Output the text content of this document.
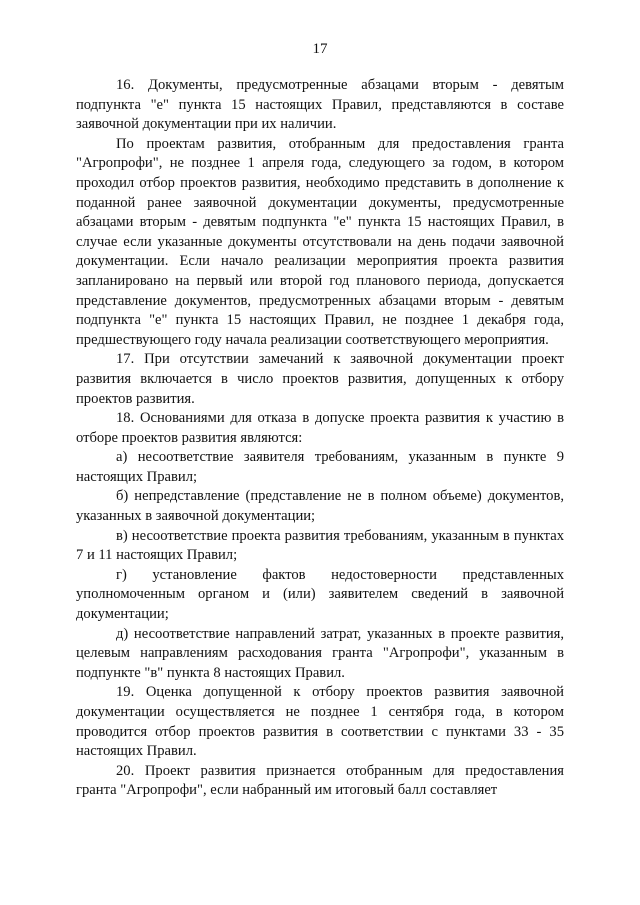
17

16. Документы, предусмотренные абзацами вторым - девятым подпункта "е" пункта 15 настоящих Правил, представляются в составе заявочной документации при их наличии.

По проектам развития, отобранным для предоставления гранта "Агропрофи", не позднее 1 апреля года, следующего за годом, в котором проходил отбор проектов развития, необходимо представить в дополнение к поданной ранее заявочной документации документы, предусмотренные абзацами вторым - девятым подпункта "е" пункта 15 настоящих Правил, в случае если указанные документы отсутствовали на день подачи заявочной документации. Если начало реализации мероприятия проекта развития запланировано на первый или второй год планового периода, допускается представление документов, предусмотренных абзацами вторым - девятым подпункта "е" пункта 15 настоящих Правил, не позднее 1 декабря года, предшествующего году начала реализации соответствующего мероприятия.

17. При отсутствии замечаний к заявочной документации проект развития включается в число проектов развития, допущенных к отбору проектов развития.

18. Основаниями для отказа в допуске проекта развития к участию в отборе проектов развития являются:

а) несоответствие заявителя требованиям, указанным в пункте 9 настоящих Правил;

б) непредставление (представление не в полном объеме) документов, указанных в заявочной документации;

в) несоответствие проекта развития требованиям, указанным в пунктах 7 и 11 настоящих Правил;

г) установление фактов недостоверности представленных уполномоченным органом и (или) заявителем сведений в заявочной документации;

д) несоответствие направлений затрат, указанных в проекте развития, целевым направлениям расходования гранта "Агропрофи", указанным в подпункте "в" пункта 8 настоящих Правил.

19. Оценка допущенной к отбору проектов развития заявочной документации осуществляется не позднее 1 сентября года, в котором проводится отбор проектов развития в соответствии с пунктами 33 - 35 настоящих Правил.

20. Проект развития признается отобранным для предоставления гранта "Агропрофи", если набранный им итоговый балл составляет
